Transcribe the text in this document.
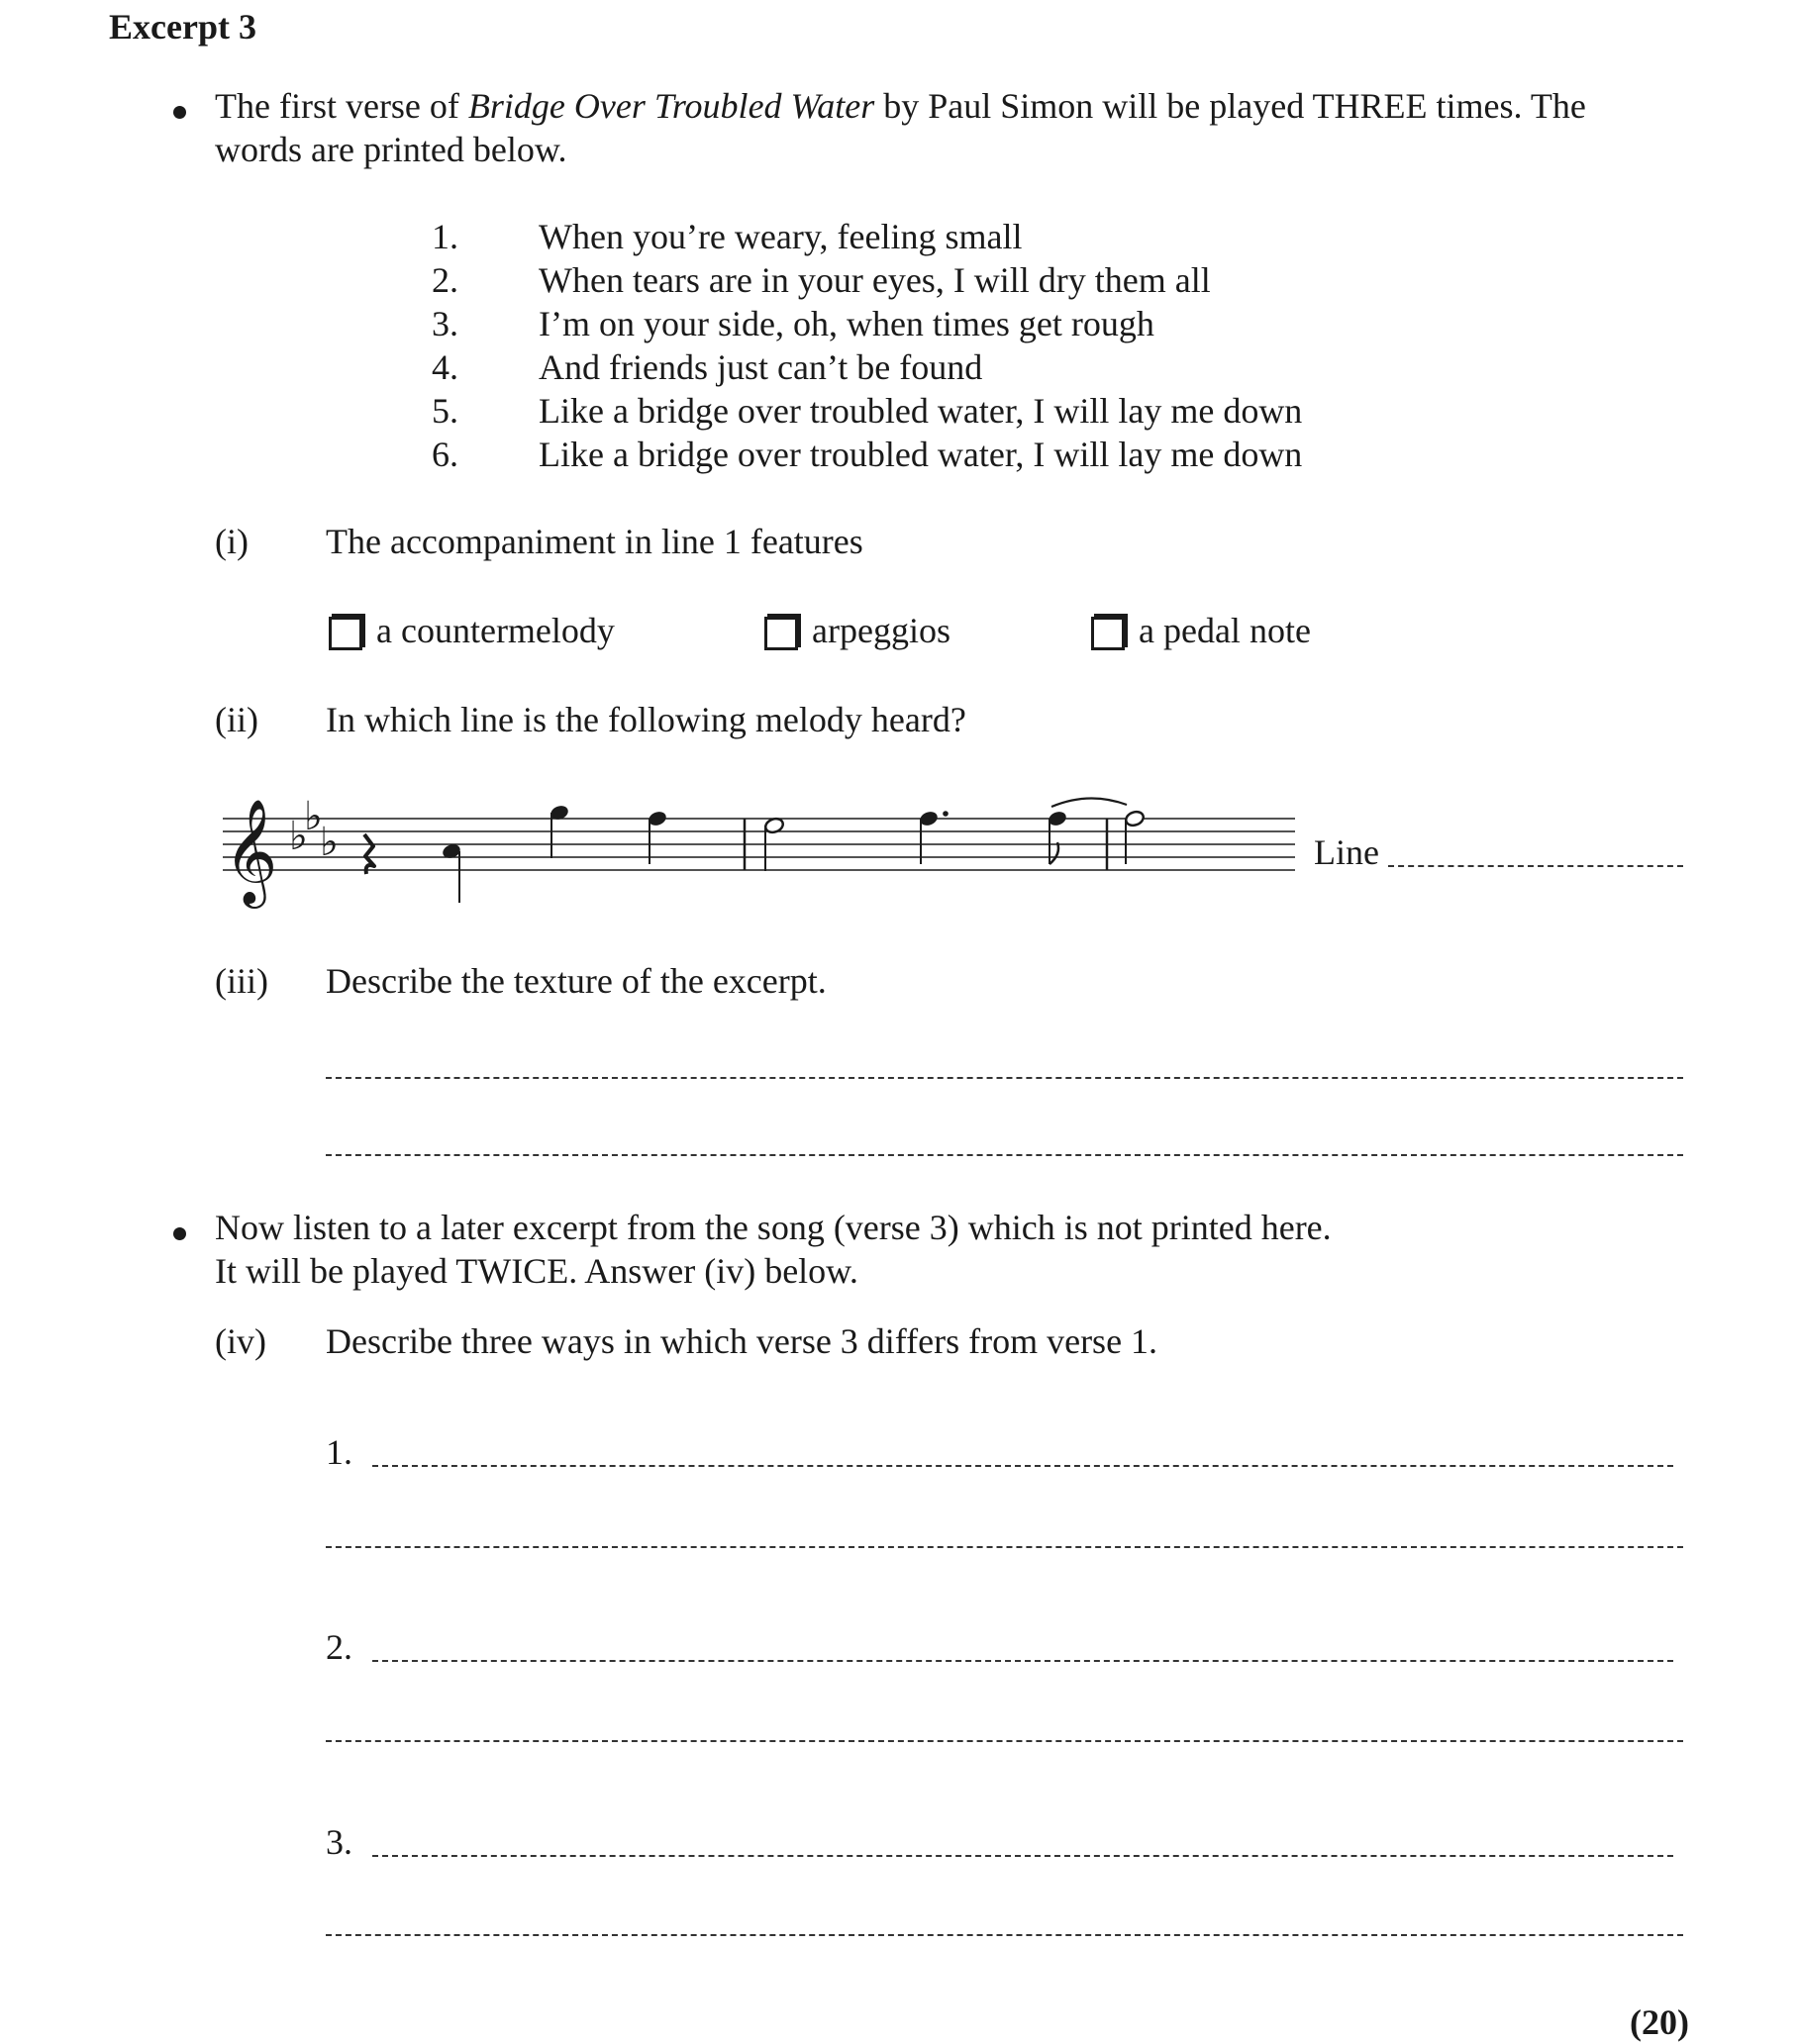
Excerpt 3
The first verse of Bridge Over Troubled Water by Paul Simon will be played THREE times. The
words are printed below.
1. When you’re weary, feeling small
2. When tears are in your eyes, I will dry them all
3. I’m on your side, oh, when times get rough
4. And friends just can’t be found
5. Like a bridge over troubled water, I will lay me down
6. Like a bridge over troubled water, I will lay me down
(i) The accompaniment in line 1 features
a countermelody	arpeggios	a pedal note
(ii) In which line is the following melody heard?
𝄞 ♭
♭
♭	Line
(iii) Describe the texture of the excerpt.
Now listen to a later excerpt from the song (verse 3) which is not printed here.
It will be played TWICE. Answer (iv) below.
(iv) Describe three ways in which verse 3 differs from verse 1.
1.
2.
3.
(20)
